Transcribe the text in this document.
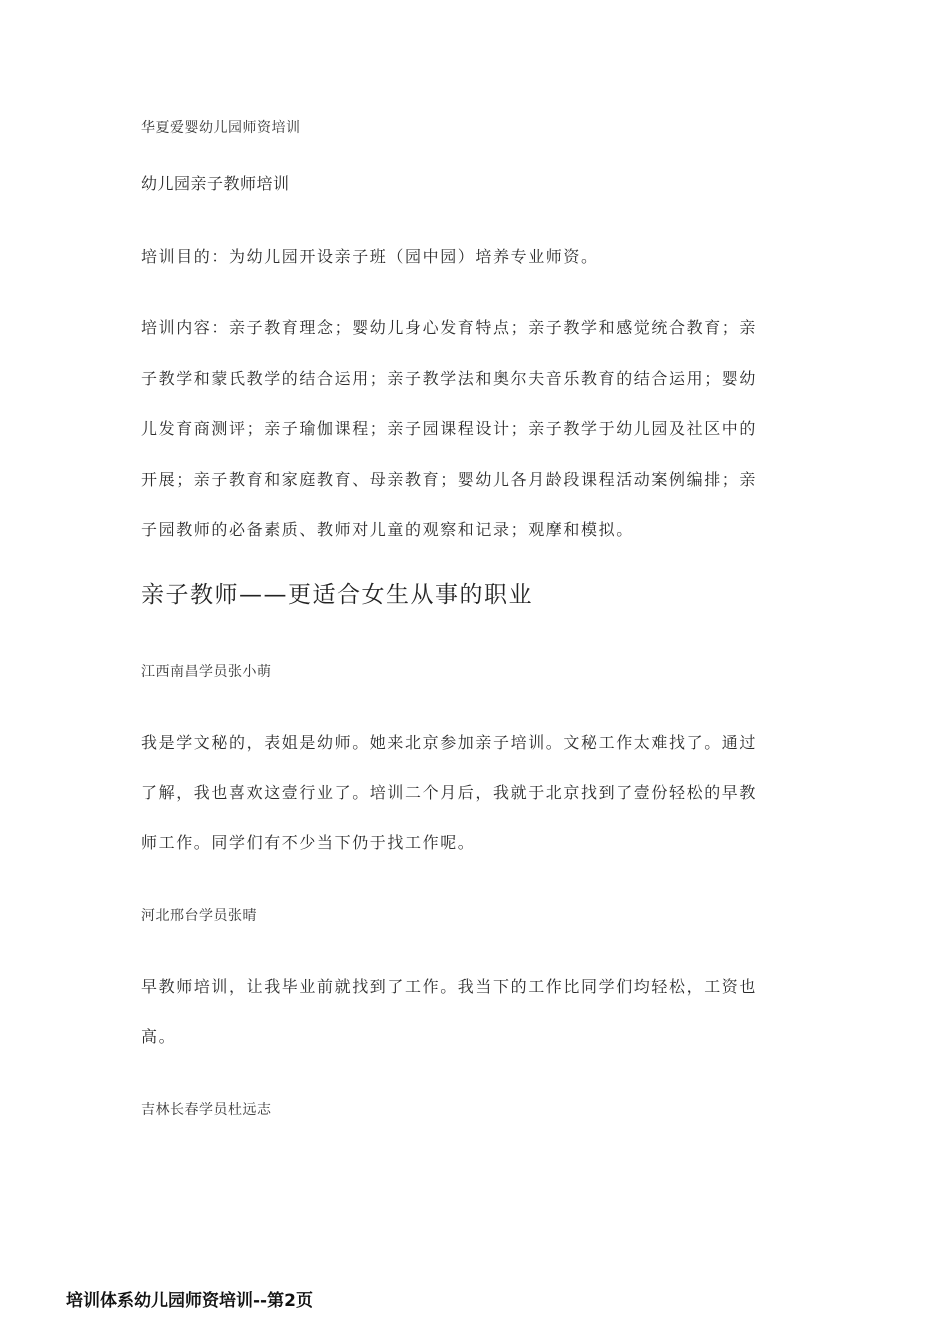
华夏爱婴幼儿园师资培训
幼儿园亲子教师培训
培训目的：为幼儿园开设亲子班（园中园）培养专业师资。
培训内容：亲子教育理念；婴幼儿身心发育特点；亲子教学和感觉统合教育；亲
子教学和蒙氏教学的结合运用；亲子教学法和奥尔夫音乐教育的结合运用；婴幼
儿发育商测评；亲子瑜伽课程；亲子园课程设计；亲子教学于幼儿园及社区中的
开展；亲子教育和家庭教育、母亲教育；婴幼儿各月龄段课程活动案例编排；亲
子园教师的必备素质、教师对儿童的观察和记录；观摩和模拟。
亲子教师——更适合女生从事的职业
江西南昌学员张小萌
我是学文秘的，表姐是幼师。她来北京参加亲子培训。文秘工作太难找了。通过
了解，我也喜欢这壹行业了。培训二个月后，我就于北京找到了壹份轻松的早教
师工作。同学们有不少当下仍于找工作呢。
河北邢台学员张晴
早教师培训，让我毕业前就找到了工作。我当下的工作比同学们均轻松，工资也
高。
吉林长春学员杜远志
培训体系幼儿园师资培训--第2页
